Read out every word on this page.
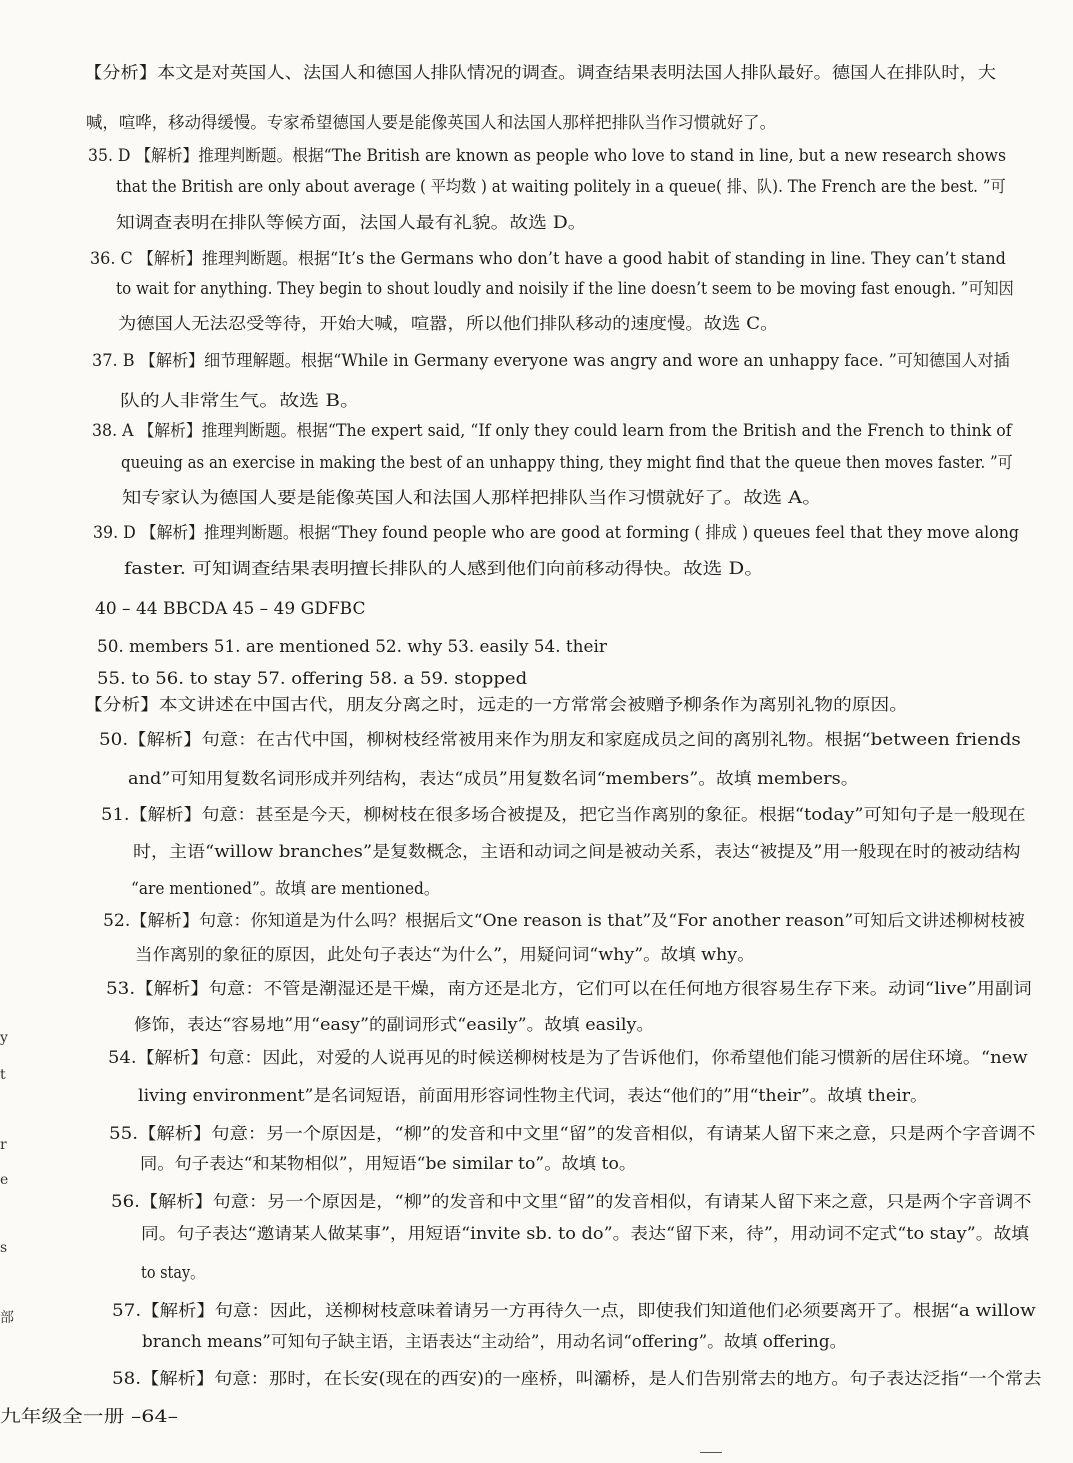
【分析】本文是对英国人、法国人和德国人排队情况的调查。调查结果表明法国人排队最好。德国人在排队时，大
喊，喧哗，移动得缓慢。专家希望德国人要是能像英国人和法国人那样把排队当作习惯就好了。
35. D 【解析】推理判断题。根据“The British are known as people who love to stand in line, but a new research shows
that the British are only about average ( 平均数 ) at waiting politely in a queue( 排、队). The French are the best. ”可
知调查表明在排队等候方面，法国人最有礼貌。故选 D。
36. C 【解析】推理判断题。根据“It’s the Germans who don’t have a good habit of standing in line. They can’t stand
to wait for anything. They begin to shout loudly and noisily if the line doesn’t seem to be moving fast enough. ”可知因
为德国人无法忍受等待，开始大喊，喧嚣，所以他们排队移动的速度慢。故选 C。
37. B 【解析】细节理解题。根据“While in Germany everyone was angry and wore an unhappy face. ”可知德国人对插
队的人非常生气。故选 B。
38. A 【解析】推理判断题。根据“The expert said, “If only they could learn from the British and the French to think of
queuing as an exercise in making the best of an unhappy thing, they might find that the queue then moves faster. ”可
知专家认为德国人要是能像英国人和法国人那样把排队当作习惯就好了。故选 A。
39. D 【解析】推理判断题。根据“They found people who are good at forming ( 排成 ) queues feel that they move along
faster. 可知调查结果表明擅长排队的人感到他们向前移动得快。故选 D。
40 – 44 BBCDA 45 – 49 GDFBC
50. members 51. are mentioned 52. why 53. easily 54. their
55. to 56. to stay 57. offering 58. a 59. stopped
【分析】本文讲述在中国古代，朋友分离之时，远走的一方常常会被赠予柳条作为离别礼物的原因。
50.【解析】句意：在古代中国，柳树枝经常被用来作为朋友和家庭成员之间的离别礼物。根据“between friends
and”可知用复数名词形成并列结构，表达“成员”用复数名词“members”。故填 members。
51.【解析】句意：甚至是今天，柳树枝在很多场合被提及，把它当作离别的象征。根据“today”可知句子是一般现在
时，主语“willow branches”是复数概念，主语和动词之间是被动关系，表达“被提及”用一般现在时的被动结构
“are mentioned”。故填 are mentioned。
52.【解析】句意：你知道是为什么吗？根据后文“One reason is that”及“For another reason”可知后文讲述柳树枝被
当作离别的象征的原因，此处句子表达“为什么”，用疑问词“why”。故填 why。
53.【解析】句意：不管是潮湿还是干燥，南方还是北方，它们可以在任何地方很容易生存下来。动词“live”用副词
修饰，表达“容易地”用“easy”的副词形式“easily”。故填 easily。
54.【解析】句意：因此，对爱的人说再见的时候送柳树枝是为了告诉他们，你希望他们能习惯新的居住环境。“new
living environment”是名词短语，前面用形容词性物主代词，表达“他们的”用“their”。故填 their。
55.【解析】句意：另一个原因是，“柳”的发音和中文里“留”的发音相似，有请某人留下来之意，只是两个字音调不
同。句子表达“和某物相似”，用短语“be similar to”。故填 to。
56.【解析】句意：另一个原因是，“柳”的发音和中文里“留”的发音相似，有请某人留下来之意，只是两个字音调不
同。句子表达“邀请某人做某事”，用短语“invite sb. to do”。表达“留下来，待”，用动词不定式“to stay”。故填
to stay。
57.【解析】句意：因此，送柳树枝意味着请另一方再待久一点，即使我们知道他们必须要离开了。根据“a willow
branch means”可知句子缺主语，主语表达“主动给”，用动名词“offering”。故填 offering。
58.【解析】句意：那时，在长安(现在的西安)的一座桥，叫灞桥，是人们告别常去的地方。句子表达泛指“一个常去
y
t
r
e
s
部
九年级全一册 –64–
